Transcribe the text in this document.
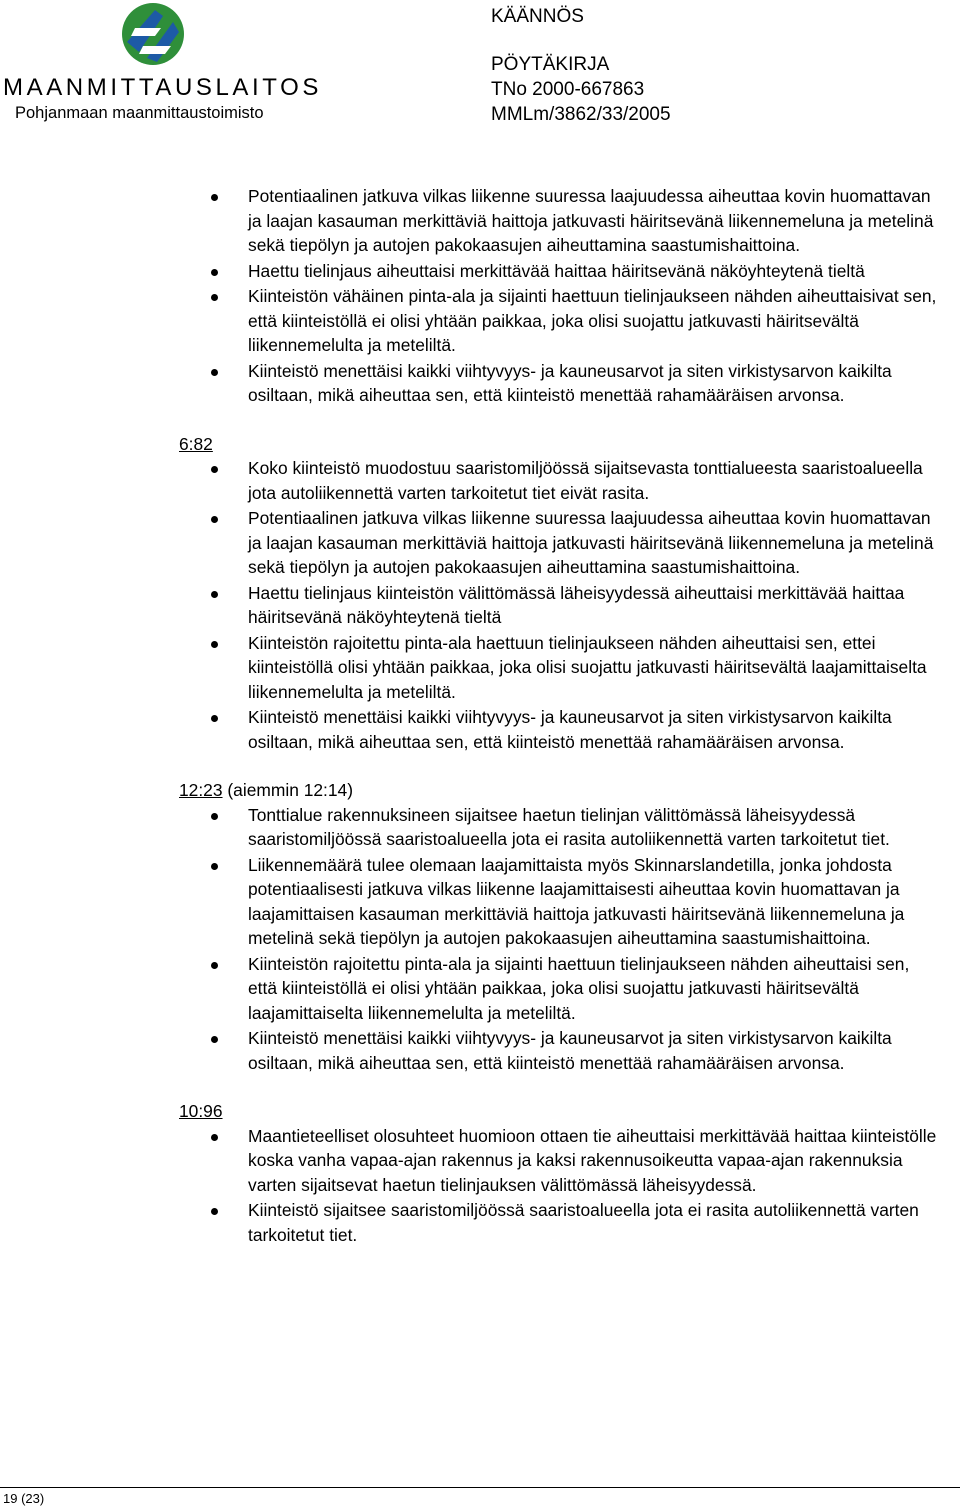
MAANMITTAUSLAITOS
Pohjanmaan maanmittaustoimisto
KÄÄNNÖS
PÖYTÄKIRJA
TNo 2000-667863
MMLm/3862/33/2005
Potentiaalinen jatkuva vilkas liikenne suuressa laajuudessa aiheuttaa kovin huomattavan ja laajan kasauman merkittäviä haittoja jatkuvasti häiritsevänä liikennemeluna ja metelinä sekä tiepölyn ja autojen pakokaasujen aiheuttamina saastumishaittoina.
Haettu tielinjaus aiheuttaisi merkittävää haittaa häiritsevänä näköyhteytenä tieltä
Kiinteistön vähäinen pinta-ala ja sijainti haettuun tielinjaukseen nähden aiheuttaisivat sen, että kiinteistöllä ei olisi yhtään paikkaa, joka olisi suojattu jatkuvasti häiritsevältä liikennemelulta ja meteliltä.
Kiinteistö menettäisi kaikki viihtyvyys- ja kauneusarvot ja siten virkistysarvon kaikilta osiltaan, mikä aiheuttaa sen, että kiinteistö menettää rahamääräisen arvonsa.
6:82
Koko kiinteistö muodostuu saaristomiljöössä sijaitsevasta tonttialueesta saaristoalueella jota autoliikennettä varten tarkoitetut tiet eivät rasita.
Potentiaalinen jatkuva vilkas liikenne suuressa laajuudessa aiheuttaa kovin huomattavan ja laajan kasauman merkittäviä haittoja jatkuvasti häiritsevänä liikennemeluna ja metelinä sekä tiepölyn ja autojen pakokaasujen aiheuttamina saastumishaittoina.
Haettu tielinjaus kiinteistön välittömässä läheisyydessä aiheuttaisi merkittävää haittaa häiritsevänä näköyhteytenä tieltä
Kiinteistön rajoitettu pinta-ala haettuun tielinjaukseen nähden aiheuttaisi sen, ettei kiinteistöllä olisi yhtään paikkaa, joka olisi suojattu jatkuvasti häiritsevältä laajamittaiselta liikennemelulta ja meteliltä.
Kiinteistö menettäisi kaikki viihtyvyys- ja kauneusarvot ja siten virkistysarvon kaikilta osiltaan, mikä aiheuttaa sen, että kiinteistö menettää rahamääräisen arvonsa.
12:23 (aiemmin 12:14)
Tonttialue rakennuksineen sijaitsee haetun tielinjan välittömässä läheisyydessä saaristomiljöössä saaristoalueella jota ei rasita autoliikennettä varten tarkoitetut tiet.
Liikennemäärä tulee olemaan laajamittaista myös Skinnarslandetilla, jonka johdosta potentiaalisesti jatkuva vilkas liikenne laajamittaisesti aiheuttaa kovin huomattavan ja laajamittaisen kasauman merkittäviä haittoja jatkuvasti häiritsevänä liikennemeluna ja metelinä sekä tiepölyn ja autojen pakokaasujen aiheuttamina saastumishaittoina.
Kiinteistön rajoitettu pinta-ala ja sijainti haettuun tielinjaukseen nähden aiheuttaisi sen, että kiinteistöllä ei olisi yhtään paikkaa, joka olisi suojattu jatkuvasti häiritsevältä laajamittaiselta liikennemelulta ja meteliltä.
Kiinteistö menettäisi kaikki viihtyvyys- ja kauneusarvot ja siten virkistysarvon kaikilta osiltaan, mikä aiheuttaa sen, että kiinteistö menettää rahamääräisen arvonsa.
10:96
Maantieteelliset olosuhteet huomioon ottaen tie aiheuttaisi merkittävää haittaa kiinteistölle koska vanha vapaa-ajan rakennus ja kaksi rakennusoikeutta vapaa-ajan rakennuksia varten sijaitsevat haetun tielinjauksen välittömässä läheisyydessä.
Kiinteistö sijaitsee saaristomiljöössä saaristoalueella jota ei rasita autoliikennettä varten tarkoitetut tiet.
19 (23)
